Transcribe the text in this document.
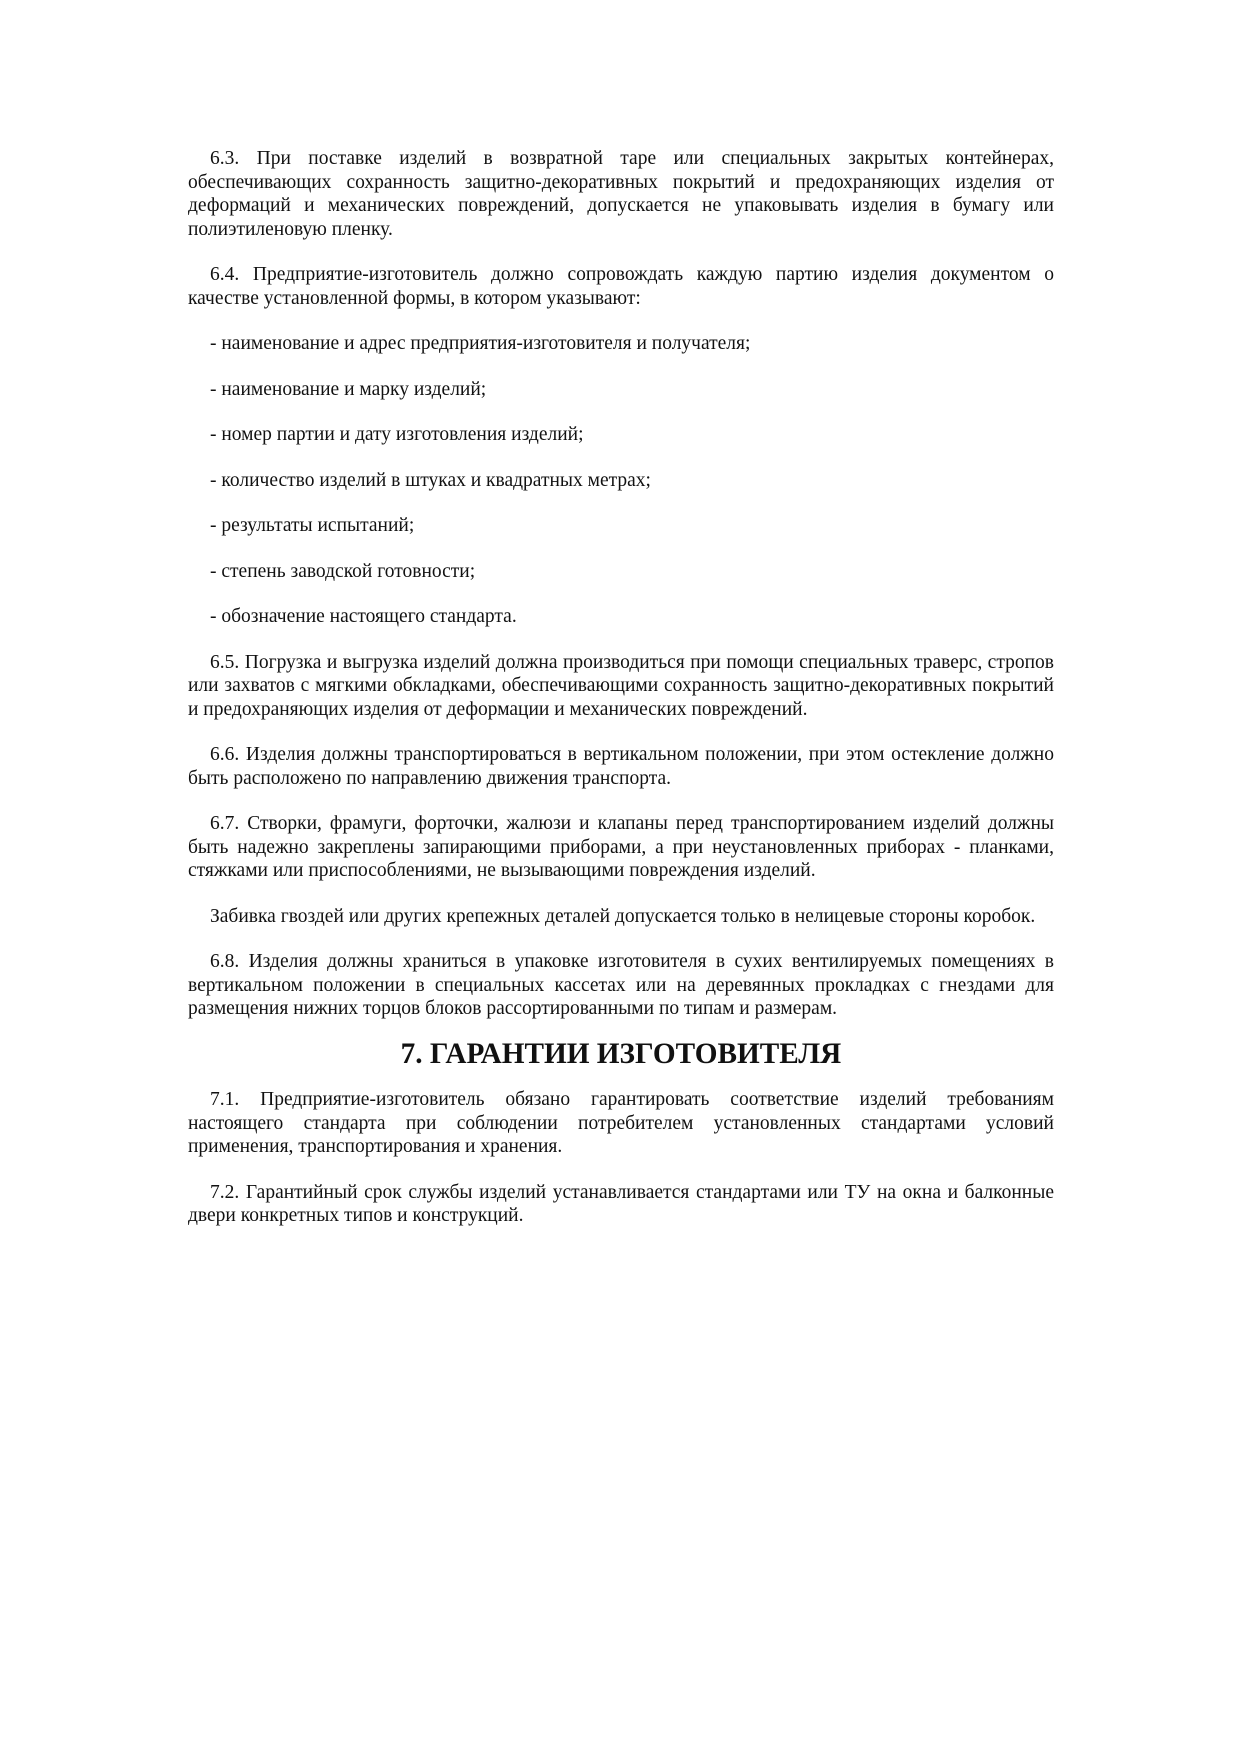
6.3. При поставке изделий в возвратной таре или специальных закрытых контейнерах, обеспечивающих сохранность защитно-декоративных покрытий и предохраняющих изделия от деформаций и механических повреждений, допускается не упаковывать изделия в бумагу или полиэтиленовую пленку.

6.4. Предприятие-изготовитель должно сопровождать каждую партию изделия документом о качестве установленной формы, в котором указывают:

- наименование и адрес предприятия-изготовителя и получателя;

- наименование и марку изделий;

- номер партии и дату изготовления изделий;

- количество изделий в штуках и квадратных метрах;

- результаты испытаний;

- степень заводской готовности;

- обозначение настоящего стандарта.

6.5. Погрузка и выгрузка изделий должна производиться при помощи специальных траверс, стропов или захватов с мягкими обкладками, обеспечивающими сохранность защитно-декоративных покрытий и предохраняющих изделия от деформации и механических повреждений.

6.6. Изделия должны транспортироваться в вертикальном положении, при этом остекление должно быть расположено по направлению движения транспорта.

6.7. Створки, фрамуги, форточки, жалюзи и клапаны перед транспортированием изделий должны быть надежно закреплены запирающими приборами, а при неустановленных приборах - планками, стяжками или приспособлениями, не вызывающими повреждения изделий.

Забивка гвоздей или других крепежных деталей допускается только в нелицевые стороны коробок.

6.8. Изделия должны храниться в упаковке изготовителя в сухих вентилируемых помещениях в вертикальном положении в специальных кассетах или на деревянных прокладках с гнездами для размещения нижних торцов блоков рассортированными по типам и размерам.

7. ГАРАНТИИ ИЗГОТОВИТЕЛЯ

7.1. Предприятие-изготовитель обязано гарантировать соответствие изделий требованиям настоящего стандарта при соблюдении потребителем установленных стандартами условий применения, транспортирования и хранения.

7.2. Гарантийный срок службы изделий устанавливается стандартами или ТУ на окна и балконные двери конкретных типов и конструкций.
